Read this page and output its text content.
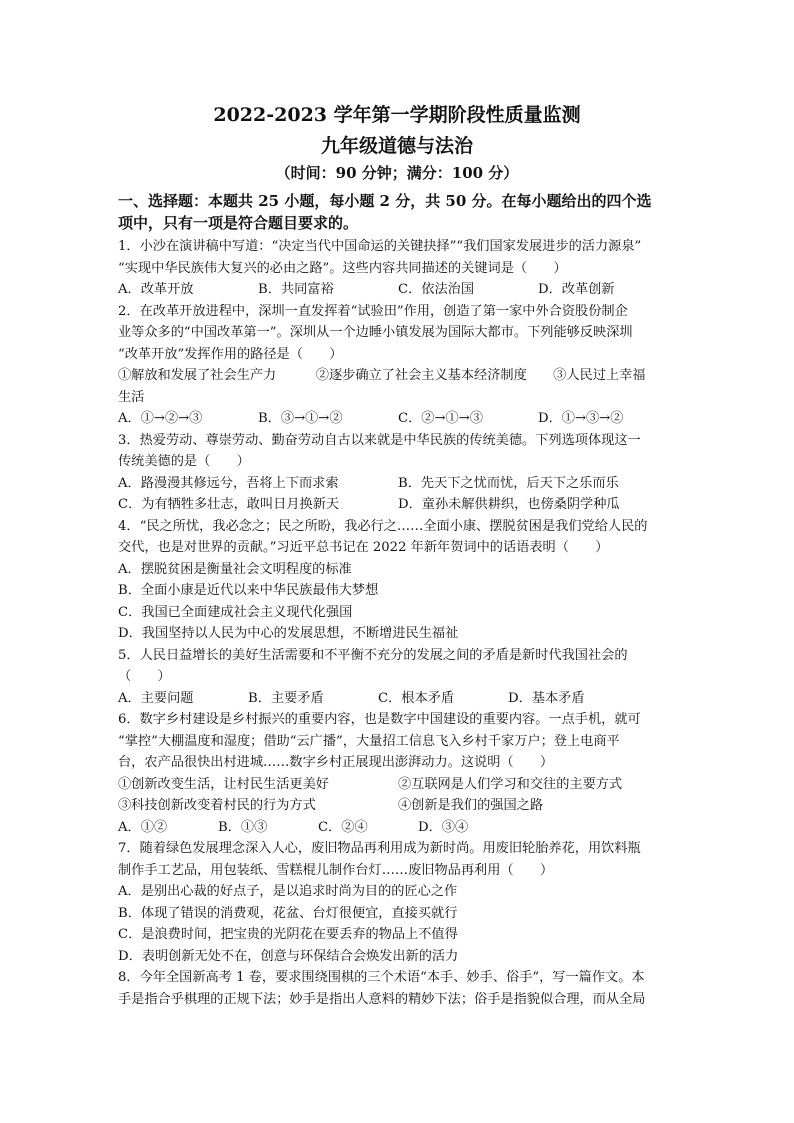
2022-2023 学年第一学期阶段性质量监测
九年级道德与法治
（时间：90 分钟；满分：100 分）
一、选择题：本题共 25 小题，每小题 2 分，共 50 分。在每小题给出的四个选
项中，只有一项是符合题目要求的。
1．小沙在演讲稿中写道：“决定当代中国命运的关键抉择”“我们国家发展进步的活力源泉”
“实现中华民族伟大复兴的必由之路”。这些内容共同描述的关键词是（　　）
A．改革开放	B．共同富裕	C．依法治国	D．改革创新
2．在改革开放进程中，深圳一直发挥着“试验田”作用，创造了第一家中外合资股份制企
业等众多的“中国改革第一”。深圳从一个边睡小镇发展为国际大都市。下列能够反映深圳
“改革开放”发挥作用的路径是（　　）
①解放和发展了社会生产力　　　②逐步确立了社会主义基本经济制度　　③人民过上幸福
生活
A．①→②→③	B．③→①→②	C．②→①→③	D．①→③→②
3．热爱劳动、尊崇劳动、勤奋劳动自古以来就是中华民族的传统美德。下列选项体现这一
传统美德的是（　　）
A．路漫漫其修远兮，吾将上下而求索	B．先天下之忧而忧，后天下之乐而乐
C．为有牺牲多壮志，敢叫日月换新天	D．童孙未解供耕织，也傍桑阴学种瓜
4．“民之所忧，我必念之；民之所盼，我必行之……全面小康、摆脱贫困是我们党给人民的
交代，也是对世界的贡献。”习近平总书记在 2022 年新年贺词中的话语表明（　　）
A．摆脱贫困是衡量社会文明程度的标准
B．全面小康是近代以来中华民族最伟大梦想
C．我国已全面建成社会主义现代化强国
D．我国坚持以人民为中心的发展思想，不断增进民生福祉
5．人民日益增长的美好生活需要和不平衡不充分的发展之间的矛盾是新时代我国社会的
（　　）
A．主要问题	B．主要矛盾	C．根本矛盾	D．基本矛盾
6．数字乡村建设是乡村振兴的重要内容，也是数字中国建设的重要内容。一点手机，就可
“掌控”大棚温度和湿度；借助“云广播”，大量招工信息飞入乡村千家万户；登上电商平
台，农产品很快出村进城……数字乡村正展现出澎湃动力。这说明（　　）
①创新改变生活，让村民生活更美好	②互联网是人们学习和交往的主要方式
③科技创新改变着村民的行为方式	④创新是我们的强国之路
A．①②	B．①③	C．②④	D．③④
7．随着绿色发展理念深入人心，废旧物品再利用成为新时尚。用废旧轮胎养花，用饮料瓶
制作手工艺品，用包装纸、雪糕棍儿制作台灯……废旧物品再利用（　　）
A．是别出心裁的好点子，是以追求时尚为目的的匠心之作
B．体现了错误的消费观，花盆、台灯很便宜，直接买就行
C．是浪费时间，把宝贵的光阴花在要丢弃的物品上不值得
D．表明创新无处不在，创意与环保结合会焕发出新的活力
8．今年全国新高考 1 卷，要求围绕围棋的三个术语“本手、妙手、俗手”，写一篇作文。本
手是指合乎棋理的正规下法；妙手是指出人意料的精妙下法；俗手是指貌似合理，而从全局
